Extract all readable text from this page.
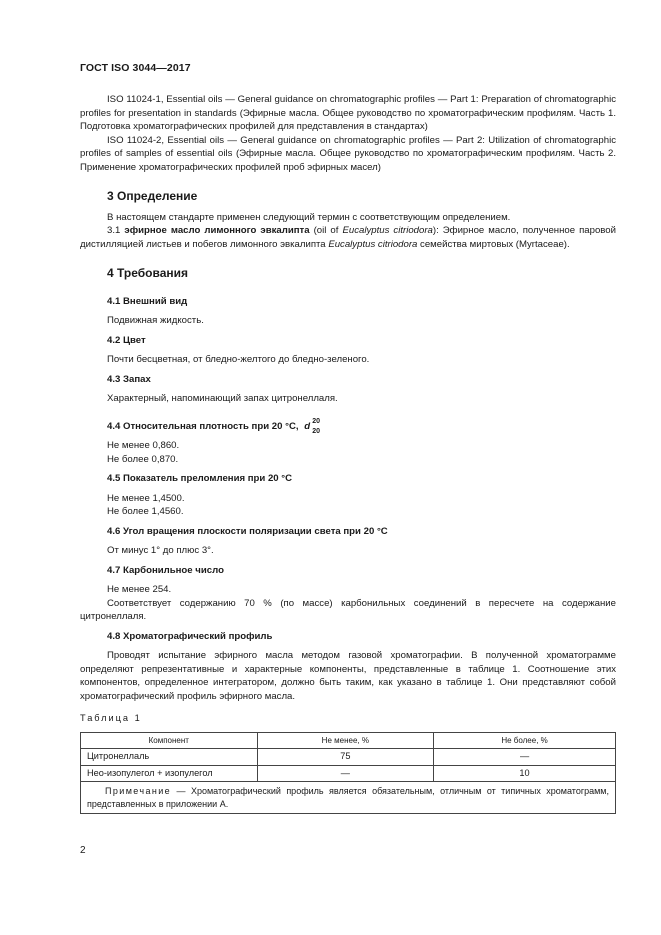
ГОСТ ISO 3044—2017

ISO 11024-1, Essential oils — General guidance on chromatographic profiles — Part 1: Preparation of chromatographic profiles for presentation in standards (Эфирные масла. Общее руководство по хроматографическим профилям. Часть 1. Подготовка хроматографических профилей для представления в стандартах)

ISO 11024-2, Essential oils — General guidance on chromatographic profiles — Part 2: Utilization of chromatographic profiles of samples of essential oils (Эфирные масла. Общее руководство по хроматографическим профилям. Часть 2. Применение хроматографических профилей проб эфирных масел)

3 Определение

В настоящем стандарте применен следующий термин с соответствующим определением.

3.1 эфирное масло лимонного эвкалипта (oil of Eucalyptus citriodora): Эфирное масло, полученное паровой дистилляцией листьев и побегов лимонного эвкалипта Eucalyptus citriodora семейства миртовых (Myrtaceae).

4 Требования
4.1 Внешний вид

Подвижная жидкость.

4.2 Цвет

Почти бесцветная, от бледно-желтого до бледно-зеленого.

4.3 Запах

Характерный, напоминающий запах цитронеллаля.

4.4 Относительная плотность при 20 °С, d 20
20

Не менее 0,860.

Не более 0,870.

4.5 Показатель преломления при 20 °С

Не менее 1,4500.

Не более 1,4560.

4.6 Угол вращения плоскости поляризации света при 20 °С

От минус 1° до плюс 3°.

4.7 Карбонильное число

Не менее 254.

Соответствует содержанию 70 % (по массе) карбонильных соединений в пересчете на содержание цитронеллаля.

4.8 Хроматографический профиль

Проводят испытание эфирного масла методом газовой хроматографии. В полученной хроматограмме определяют репрезентативные и характерные компоненты, представленные в таблице 1. Соотношение этих компонентов, определенное интегратором, должно быть таким, как указано в таблице 1. Они представляют собой хроматографический профиль эфирного масла.

Таблица 1
Компонент	Не менее, %	Не более, %
Цитронеллаль	75	—
Нео-изопулегол + изопулегол	—	10
Примечание — Хроматографический профиль является обязательным, отличным от типичных хроматограмм, представленных в приложении А.		
2
